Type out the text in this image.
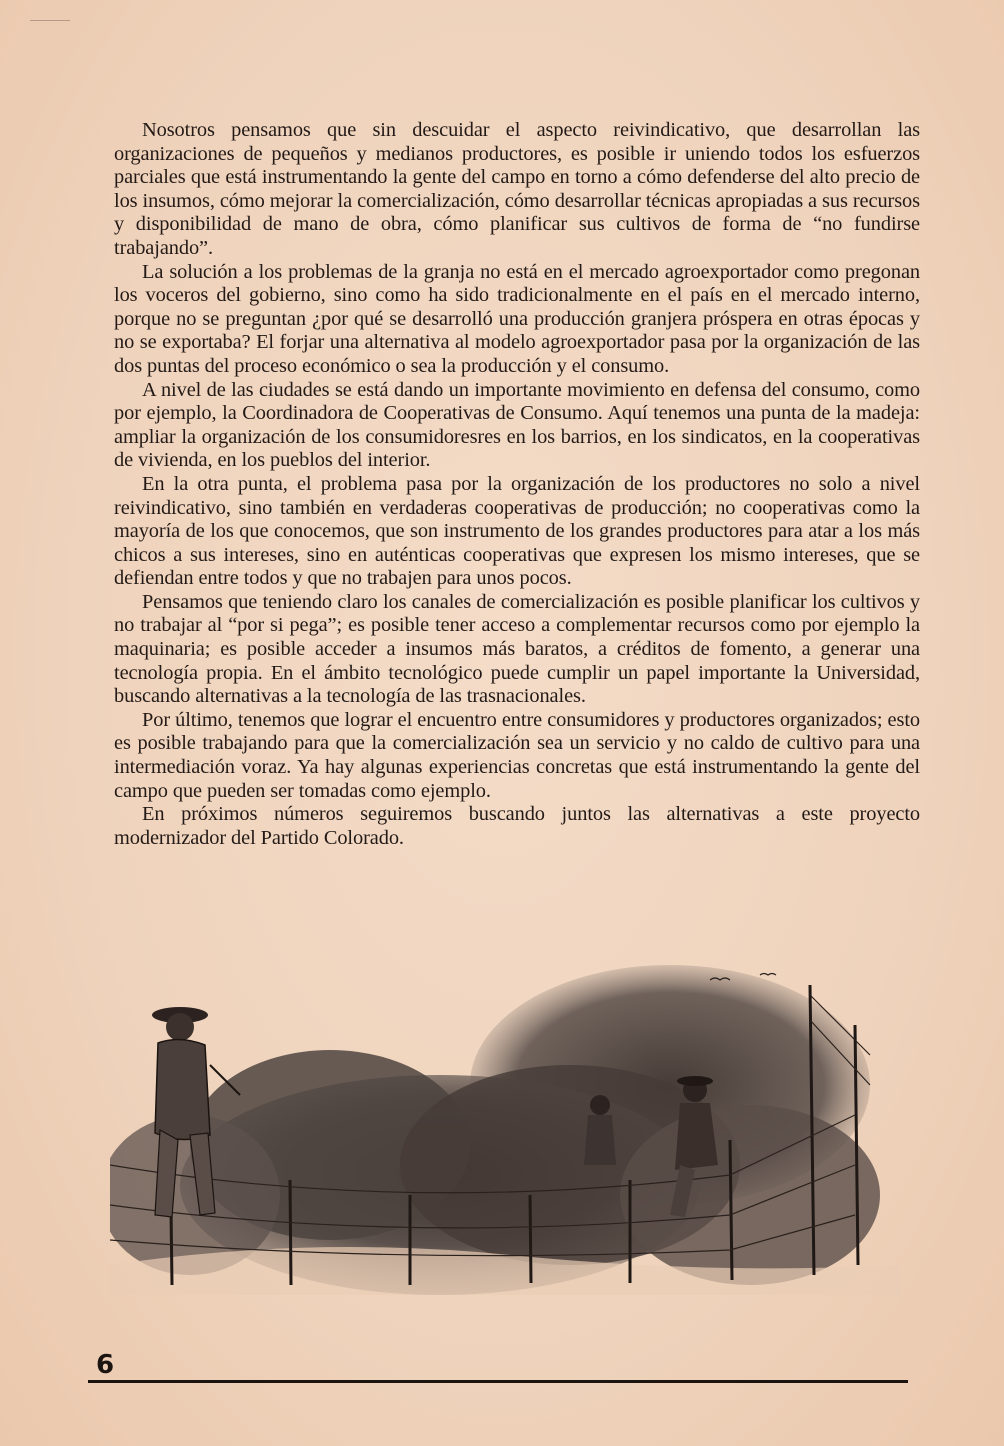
Nosotros pensamos que sin descuidar el aspecto reivindicativo, que desarrollan las organizaciones de pequeños y medianos productores, es posible ir uniendo todos los esfuerzos parciales que está instrumentando la gente del campo en torno a cómo defenderse del alto precio de los insumos, cómo mejorar la comercialización, cómo desarrollar técnicas apropiadas a sus recursos y disponibilidad de mano de obra, cómo planificar sus cultivos de forma de “no fundirse trabajando”.

La solución a los problemas de la granja no está en el mercado agroexportador como pregonan los voceros del gobierno, sino como ha sido tradicionalmente en el país en el mercado interno, porque no se preguntan ¿por qué se desarrolló una producción granjera próspera en otras épocas y no se exportaba? El forjar una alternativa al modelo agroexportador pasa por la organización de las dos puntas del proceso económico o sea la producción y el consumo.

A nivel de las ciudades se está dando un importante movimiento en defensa del consumo, como por ejemplo, la Coordinadora de Cooperativas de Consumo. Aquí tenemos una punta de la madeja: ampliar la organización de los consumidoresres en los barrios, en los sindicatos, en la cooperativas de vivienda, en los pueblos del interior.

En la otra punta, el problema pasa por la organización de los productores no solo a nivel reivindicativo, sino también en verdaderas cooperativas de producción; no cooperativas como la mayoría de los que conocemos, que son instrumento de los grandes productores para atar a los más chicos a sus intereses, sino en auténticas cooperativas que expresen los mismo intereses, que se defiendan entre todos y que no trabajen para unos pocos.

Pensamos que teniendo claro los canales de comercialización es posible planificar los cultivos y no trabajar al “por si pega”; es posible tener acceso a complementar recursos como por ejemplo la maquinaria; es posible acceder a insumos más baratos, a créditos de fomento, a generar una tecnología propia. En el ámbito tecnológico puede cumplir un papel importante la Universidad, buscando alternativas a la tecnología de las trasnacionales.

Por último, tenemos que lograr el encuentro entre consumidores y productores organizados; esto es posible trabajando para que la comercialización sea un servicio y no caldo de cultivo para una intermediación voraz. Ya hay algunas experiencias concretas que está instrumentando la gente del campo que pueden ser tomadas como ejemplo.

En próximos números seguiremos buscando juntos las alternativas a este proyecto modernizador del Partido Colorado.

6
